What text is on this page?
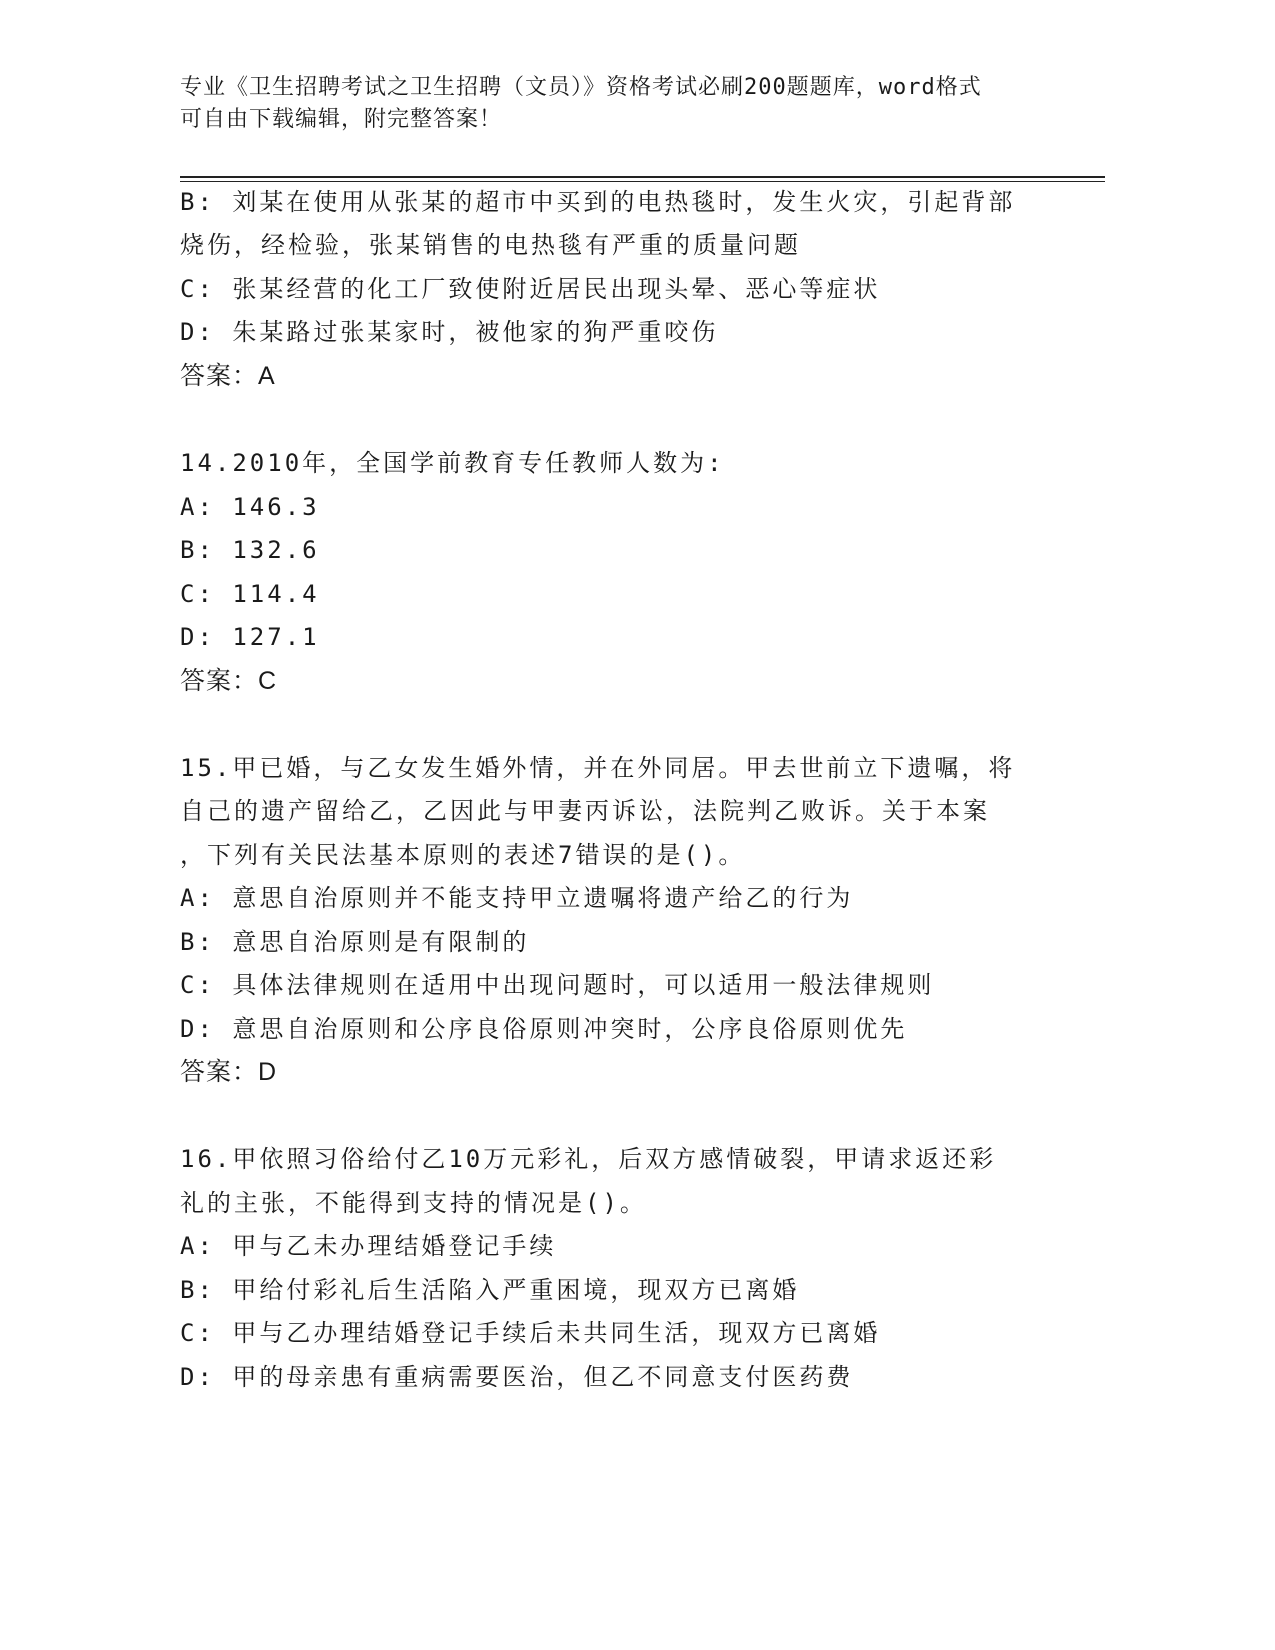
专业《卫生招聘考试之卫生招聘（文员）》资格考试必刷200题题库，word格式
可自由下载编辑，附完整答案！
B: 刘某在使用从张某的超市中买到的电热毯时，发生火灾，引起背部
烧伤，经检验，张某销售的电热毯有严重的质量问题
C: 张某经营的化工厂致使附近居民出现头晕、恶心等症状
D: 朱某路过张某家时，被他家的狗严重咬伤
答案：A
14.2010年，全国学前教育专任教师人数为:
A: 146.3
B: 132.6
C: 114.4
D: 127.1
答案：C
15.甲已婚，与乙女发生婚外情，并在外同居。甲去世前立下遗嘱，将
自己的遗产留给乙，乙因此与甲妻丙诉讼，法院判乙败诉。关于本案
，下列有关民法基本原则的表述7错误的是()。
A: 意思自治原则并不能支持甲立遗嘱将遗产给乙的行为
B: 意思自治原则是有限制的
C: 具体法律规则在适用中出现问题时，可以适用一般法律规则
D: 意思自治原则和公序良俗原则冲突时，公序良俗原则优先
答案：D
16.甲依照习俗给付乙10万元彩礼，后双方感情破裂，甲请求返还彩
礼的主张，不能得到支持的情况是()。
A: 甲与乙未办理结婚登记手续
B: 甲给付彩礼后生活陷入严重困境，现双方已离婚
C: 甲与乙办理结婚登记手续后未共同生活，现双方已离婚
D: 甲的母亲患有重病需要医治，但乙不同意支付医药费
